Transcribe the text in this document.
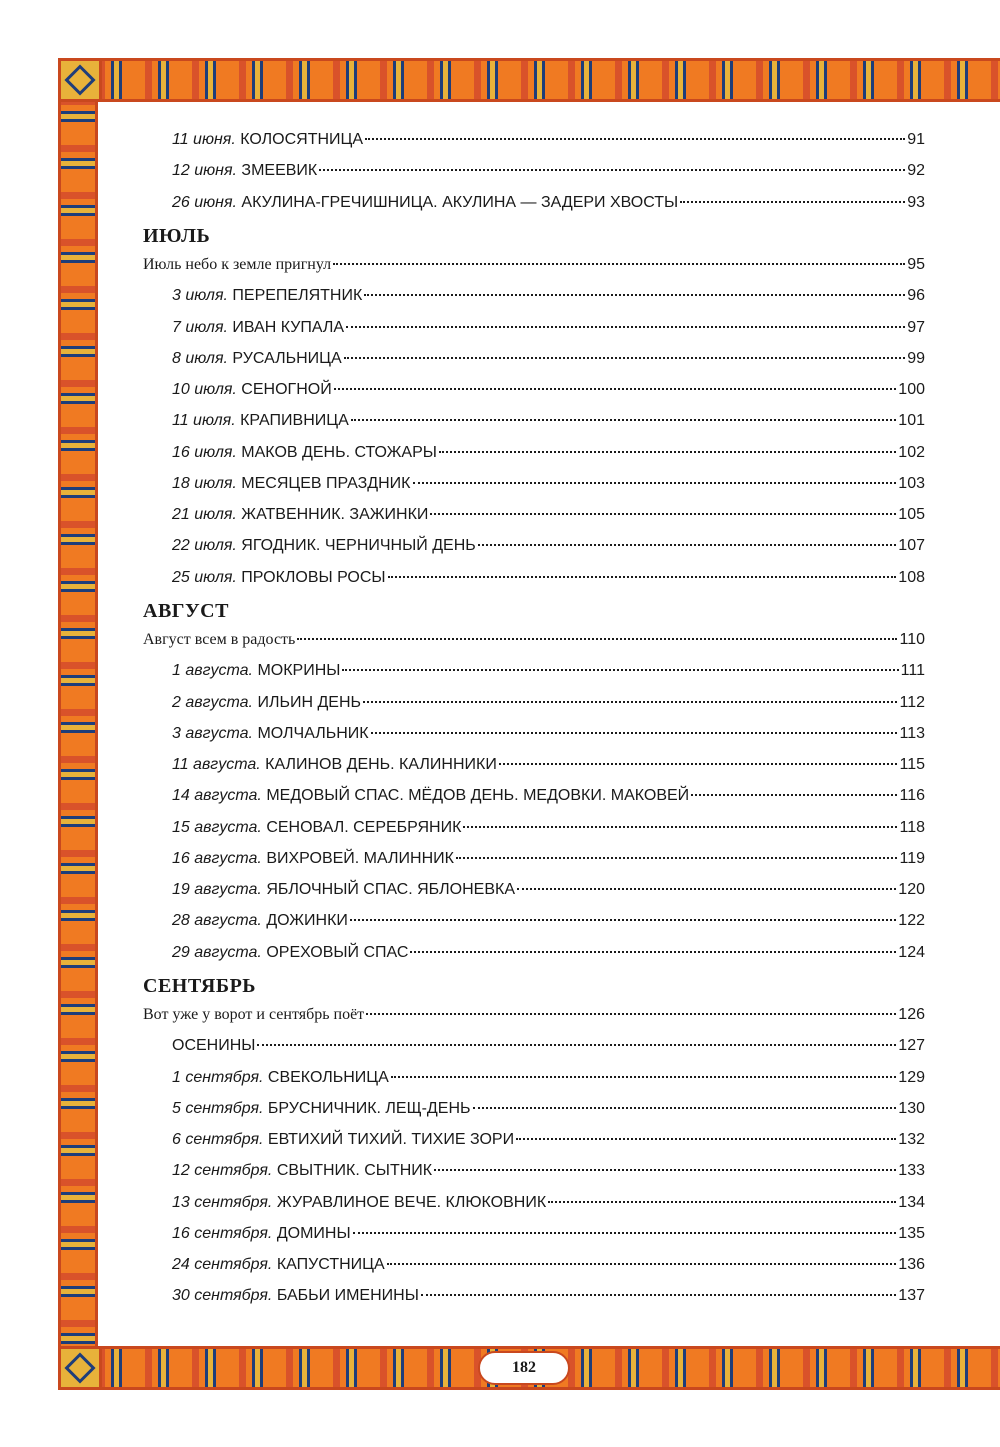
11 июня. КОЛОСЯТНИЦА	91
12 июня. ЗМЕЕВИК	92
26 июня. АКУЛИНА-ГРЕЧИШНИЦА. АКУЛИНА — ЗАДЕРИ ХВОСТЫ	93
ИЮЛЬ
Июль небо к земле пригнул	95
3 июля. ПЕРЕПЕЛЯТНИК	96
7 июля. ИВАН КУПАЛА	97
8 июля. РУСАЛЬНИЦА	99
10 июля. СЕНОГНОЙ	100
11 июля. КРАПИВНИЦА	101
16 июля. МАКОВ ДЕНЬ. СТОЖАРЫ	102
18 июля. МЕСЯЦЕВ ПРАЗДНИК	103
21 июля. ЖАТВЕННИК. ЗАЖИНКИ	105
22 июля. ЯГОДНИК. ЧЕРНИЧНЫЙ ДЕНЬ	107
25 июля. ПРОКЛОВЫ РОСЫ	108
АВГУСТ
Август всем в радость	110
1 августа. МОКРИНЫ	111
2 августа. ИЛЬИН ДЕНЬ	112
3 августа. МОЛЧАЛЬНИК	113
11 августа. КАЛИНОВ ДЕНЬ. КАЛИННИКИ	115
14 августа. МЕДОВЫЙ СПАС. МЁДОВ ДЕНЬ. МЕДОВКИ. МАКОВЕЙ	116
15 августа. СЕНОВАЛ. СЕРЕБРЯНИК	118
16 августа. ВИХРОВЕЙ. МАЛИННИК	119
19 августа. ЯБЛОЧНЫЙ СПАС. ЯБЛОНЕВКА	120
28 августа. ДОЖИНКИ	122
29 августа. ОРЕХОВЫЙ СПАС	124
СЕНТЯБРЬ
Вот уже у ворот и сентябрь поёт	126
ОСЕНИНЫ	127
1 сентября. СВЕКОЛЬНИЦА	129
5 сентября. БРУСНИЧНИК. ЛЕЩ-ДЕНЬ	130
6 сентября. ЕВТИХИЙ ТИХИЙ. ТИХИЕ ЗОРИ	132
12 сентября. СВЫТНИК. СЫТНИК	133
13 сентября. ЖУРАВЛИНОЕ ВЕЧЕ. КЛЮКОВНИК	134
16 сентября. ДОМИНЫ	135
24 сентября. КАПУСТНИЦА	136
30 сентября. БАБЬИ ИМЕНИНЫ	137
182
